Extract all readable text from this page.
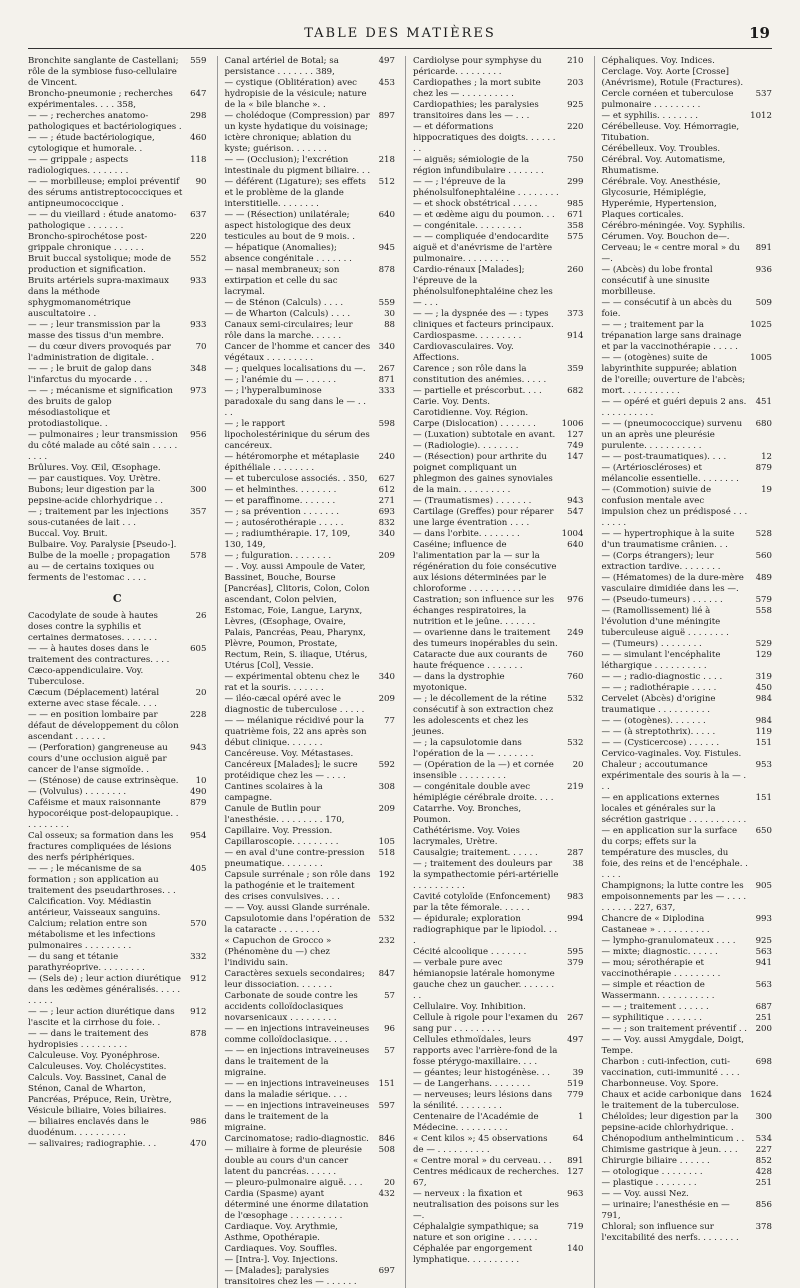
TABLE DES MATIÈRES	19
Bronchite sanglante de Castellani; rôle de la symbiose fuso-cellulaire de Vincent.
559
Broncho-pneumonie ; recherches expérimentales. . . . 358,
647
— — ; recherches anatomo-pathologiques et bactériologiques .
298
— — ; étude bactériologique, cytologique et humorale. .
460
— — grippale ; aspects radiologiques. . . . . . . .
118
— — morbilleuse; emploi préventif des sérums antistreptococciques et antipneumococcique .
90
— — du vieillard : étude anatomo-pathologique . . . . . . .
637
Broncho-spirochétose post-grippale chronique . . . . . .
220
Bruit buccal systolique; mode de production et signification.
552
Bruits artériels supra-maximaux dans la méthode sphygmomanométrique auscultatoire . .
933
— — ; leur transmission par la masse des tissus d'un membre.
933
— du cœur divers provoqués par l'administration de digitale. .
70
— — ; le bruit de galop dans l'infarctus du myocarde . . .
348
— — ; mécanisme et signification des bruits de galop mésodiastolique et protodiastolique. .
973
— pulmonaires ; leur transmission du côté malade au côté sain . . . . . . . . .
956
Brûlures. Voy. Œil, Œsophage.
— par caustiques. Voy. Urètre.
Bubons; leur digestion par la pepsine-acide chlorhydrique . .
300
— ; traitement par les injections sous-cutanées de lait . . .
357
Buccal. Voy. Bruit.
Bulbaire. Voy. Paralysie [Pseudo-].
Bulbe de la moelle ; propagation au — de certains toxiques ou ferments de l'estomac . . . .
578
C
Cacodylate de soude à hautes doses contre la syphilis et certaines dermatoses. . . . . . .
26
— — à hautes doses dans le traitement des contractures. . . .
605
Cæco-appendiculaire. Voy. Tuberculose.
Cæcum (Déplacement) latéral externe avec stase fécale. . . .
20
— — en position lombaire par défaut de développement du côlon ascendant . . . . . .
228
— (Perforation) gangreneuse au cours d'une occlusion aiguë par cancer de l'anse sigmoïde. .
943
— (Sténose) de cause extrinsèque.	10
— (Volvulus) . . . . . . . .	490
Caféisme et maux raisonnante hypocoréique post-delopaupique. . . . . . . . . .
879
Cal osseux; sa formation dans les fractures compliquées de lésions des nerfs périphériques.
954
— — ; le mécanisme de sa formation ; son application au traitement des pseudarthroses. . .
405
Calcification. Voy. Médiastin antérieur, Vaisseaux sanguins.
Calcium; relation entre son métabolisme et les infections pulmonaires . . . . . . . . .
570
— du sang et tétanie parathyréoprive. . . . . . . . .
332
— (Sels de) ; leur action diurétique dans les œdèmes généralisés. . . . . . . . . .
912
— — ; leur action diurétique dans l'ascite et la cirrhose du foie. .
912
— — dans le traitement des hydropisies . . . . . . . . .
878
Calculeuse. Voy. Pyonéphrose.
Calculeuses. Voy. Cholécystites.
Calculs. Voy. Bassinet, Canal de Sténon, Canal de Wharton, Pancréas, Prépuce, Rein, Urètre, Vésicule biliaire, Voies biliaires.
— biliaires enclavés dans le duodénum. . . . . . . . . .
986
— salivaires; radiographie. . .	470
Canal artériel de Botal; sa persistance . . . . . . . 389,
497
— cystique (Oblitération) avec hydropisie de la vésicule; nature de la « bile blanche ». .
453
— cholédoque (Compression) par un kyste hydatique du voisinage; ictère chronique; ablation du kyste; guérison. . . . . . .
897
— — (Occlusion); l'excrétion intestinale du pigment biliaire. . .
218
— déférent (Ligature); ses effets et le problème de la glande interstitielle. . . . . . . .
512
— — (Résection) unilatérale; aspect histologique des deux testicules au bout de 9 mois. .
640
— hépatique (Anomalies); absence congénitale . . . . . . .
945
— nasal membraneux; son extirpation et celle du sac lacrymal.
878
— de Sténon (Calculs) . . . .	559
— de Wharton (Calculs) . . . .	30
Canaux semi-circulaires; leur rôle dans la marche. . . . . .
88
Cancer de l'homme et cancer des végétaux . . . . . . . . .
340
— ; quelques localisations du —.	267
— ; l'anémie du — . . . . . .	871
— ; l'hyperalbuminose paradoxale du sang dans le — . . . .
333
— ; le rapport lipocholestérinique du sérum des cancéreux.
598
— hétéromorphe et métaplasie épithéliale . . . . . . . .
240
— et tuberculose associés. . 350,	627
— et helminthes. . . . . . . .	612
— et paraffinome. . . . . . .	271
— ; sa prévention . . . . . . .	693
— ; autosérothérapie . . . . .	832
— ; radiumthérapie. 17, 109, 130, 149,
340
— ; fulguration. . . . . . . .	209
— . Voy. aussi Ampoule de Vater, Bassinet, Bouche, Bourse [Pancréas], Clitoris, Colon, Colon ascendant, Colon pelvien, Estomac, Foie, Langue, Larynx, Lèvres, (Œsophage, Ovaire, Palais, Pancréas, Peau, Pharynx, Plèvre, Poumon, Prostate, Rectum, Rein, S. iliaque, Utérus, Utérus [Col], Vessie.
— expérimental obtenu chez le rat et la souris. . . . . . .
340
— iléo-cæcal opéré avec le diagnostic de tuberculose . . . . .
209
— — mélanique récidivé pour la quatrième fois, 22 ans après son début clinique. . . . . . .
77
Cancéreuse. Voy. Métastases.
Cancéreux [Malades]; le sucre protéidique chez les — . . . .
592
Cantines scolaires à la campagne.
308
Canule de Butlin pour l'anesthésie. . . . . . . . . 170,
209
Capillaire. Voy. Pression.
Capillaroscopie. . . . . . . . .	105
— en aval d'une contre-pression pneumatique. . . . . . . .
518
Capsule surrénale ; son rôle dans la pathogénie et le traitement des crises convulsives. . . .
192
— — Voy. aussi Glande surrénale.
Capsulotomie dans l'opération de la cataracte . . . . . . . .
532
« Capuchon de Grocco » (Phénomène du —) chez l'individu sain.
232
Caractères sexuels secondaires; leur dissociation. . . . . . .
847
Carbonate de soude contre les accidents colloïdoclasiques novarsenicaux . . . . . . . . .
57
— — en injections intraveineuses comme colloïdoclasique. . . .
96
— — en injections intraveineuses dans le traitement de la migraine.
57
— — en injections intraveineuses dans la maladie sérique. . . .
151
— — en injections intraveineuses dans le traitement de la migraine.
597
Carcinomatose; radio-diagnostic.	846
— miliaire à forme de pleurésie double au cours d'un cancer latent du pancréas. . . . . .
508
— pleuro-pulmonaire aiguë. . . .	20
Cardia (Spasme) ayant déterminé une énorme dilatation de l'œsophage . . . . . . . . . .
432
Cardiaque. Voy. Arythmie, Asthme, Opothérapie.
Cardiaques. Voy. Souffles.
— [Intra-]. Voy. Injections.
— [Malades]; paralysies transitoires chez les — . . . . . .
697
Cardiolyse pour symphyse du péricarde. . . . . . . . .
210
Cardiopathes ; la mort subite chez les — . . . . . . . . . .
203
Cardiopathies; les paralysies transitoires dans les — . . .
925
— et déformations hippocratiques des doigts. . . . . . . .
220
— aiguës; sémiologie de la région infundibulaire . . . . . . .
750
— — ; l'épreuve de la phénolsulfonephtaléine . . . . . . . .
299
— et shock obstétrical . . . . .	985
— et œdème aigu du poumon. . .	671
— congénitale. . . . . . . . .	358
— — compliquée d'endocardite aiguë et d'anévrisme de l'artère pulmonaire. . . . . . . . .
575
Cardio-rénaux [Malades]; l'épreuve de la phénolsulfonephtaléine chez les — . . .
260
— — ; la dyspnée des — : types cliniques et facteurs principaux.
373
Cardiospasme. . . . . . . . .	914
Cardiovasculaires. Voy. Affections.
Carence ; son rôle dans la constitution des anémies. . . . .
359
— partielle et préscorbut. . . .	682
Carie. Voy. Dents.
Carotidienne. Voy. Région.
Carpe (Dislocation) . . . . . . .	1006
— (Luxation) subtotale en avant.	127
— (Radiologie). . . . . . . .	749
— (Résection) pour arthrite du poignet compliquant un phlegmon des gaines synoviales de la main. . . . . . . . . .
147
— (Traumatismes) . . . . . . .	943
Cartilage (Greffes) pour réparer une large éventration . . . .
547
— dans l'orbite. . . . . . . .	1004
Caséine; influence de l'alimentation par la — sur la régénération du foie consécutive aux lésions déterminées par le chloroforme . . . . . . . . . .
640
Castration; son influence sur les échanges respiratoires, la nutrition et le jeûne. . . . . . .
976
— ovarienne dans le traitement des tumeurs inopérables du sein.
249
Cataracte due aux courants de haute fréquence . . . . . . .
760
— dans la dystrophie myotonique.
760
— ; le décollement de la rétine consécutif à son extraction chez les adolescents et chez les jeunes.
532
— ; la capsulotomie dans l'opération de la — . . . . . . .
532
— (Opération de la —) et cornée insensible . . . . . . . . .
20
— congénitale double avec hémiplégie cérébrale droite. . . .
219
Catarrhe. Voy. Bronches, Poumon.
Cathétérisme. Voy. Voies lacrymales, Urètre.
Causalgie; traitement. . . . . .	287
— ; traitement des douleurs par la sympathectomie péri-artérielle . . . . . . . . . .
38
Cavité cotyloïde (Enfoncement) par la tête fémorale. . . . . .
983
— épidurale; exploration radiographique par le lipiodol. . . .
994
Cécité alcoolique . . . . . . .	595
— verbale pure avec hémianopsie latérale homonyme gauche chez un gaucher. . . . . . . . .
379
Cellulaire. Voy. Inhibition.
Cellule à rigole pour l'examen du sang pur . . . . . . . . .
267
Cellules ethmoïdales, leurs rapports avec l'arrière-fond de la fosse ptérygo-maxillaire. . . .
497
— géantes; leur histogénèse. . .	39
— de Langerhans. . . . . . . .	519
— nerveuses; leurs lésions dans la sénilité. . . . . . . . .
779
Centenaire de l'Académie de Médecine. . . . . . . . . .
1
« Cent kilos »; 45 observations de — . . . . . . . . . .
64
« Centre moral » du cerveau. . .	891
Centres médicaux de recherches. 67,
127
— nerveux : la fixation et neutralisation des poisons sur les —.
963
Céphalalgie sympathique; sa nature et son origine . . . . . .
719
Céphalée par engorgement lymphatique. . . . . . . . . .
140
Céphaliques. Voy. Indices.
Cerclage. Voy. Aorte [Crosse] (Anévrisme), Rotule (Fractures).
Cercle cornéen et tuberculose pulmonaire . . . . . . . . .
537
— et syphilis. . . . . . . .	1012
Cérébelleuse. Voy. Hémorragie, Titubation.
Cérébelleux. Voy. Troubles.
Cérébral. Voy. Automatisme, Rhumatisme.
Cérébrale. Voy. Anesthésie, Glycosurie, Hémiplégie, Hyperémie, Hypertension, Plaques corticales.
Cérébro-méningée. Voy. Syphilis.
Cérumen. Voy. Bouchon de—.
Cerveau; le « centre moral » du —.
891
— (Abcès) du lobe frontal consécutif à une sinusite morbilleuse.
936
— — consécutif à un abcès du foie.
509
— — ; traitement par la trépanation large sans drainage et par la vaccinothérapie . . . . .
1025
— — (otogènes) suite de labyrinthite suppurée; ablation de l'oreille; ouverture de l'abcès; mort. . . . . . . . . . .
1005
— — opéré et guéri depuis 2 ans. . . . . . . . . . .
451
— — (pneumococcique) survenu un an après une pleurésie purulente. . . . . . . . . . .
680
— — post-traumatiques). . . .	12
— (Artérioscléroses) et mélancolie essentielle. . . . . . . .
879
— (Commotion) suivie de confusion mentale avec impulsion chez un prédisposé . . . . . . . .
19
— — hypertrophique à la suite d'un traumatisme crânien. . .
528
— (Corps étrangers); leur extraction tardive. . . . . . . .
560
— (Hématomes) de la dure-mère vasculaire dimidiée dans les —.
489
— (Pseudo-tumeurs) . . . . . .	579
— (Ramollissement) lié à l'évolution d'une méningite tuberculeuse aiguë . . . . . . . .
558
— (Tumeurs) . . . . . . . .	529
— — simulant l'encéphalite léthargique . . . . . . . . . .
129
— — ; radio-diagnostic . . . .	319
— — ; radiothérapie . . . . .	450
Cervelet (Abcès) d'origine traumatique . . . . . . . . . .
984
— — (otogènes). . . . . . .	984
— — (à streptothrix). . . . .	119
— — (Cysticercose) . . . . . .	151
Cervico-vaginales. Voy. Fistules.
Chaleur ; accoutumance expérimentale des souris à la — . . .
953
— en applications externes locales et générales sur la sécrétion gastrique . . . . . . . . . . .
151
— en application sur la surface du corps; effets sur la température des muscles, du foie, des reins et de l'encéphale. . . . . .
650
Champignons; la lutte contre les empoisonnements par les — . . . . . . . . . . 227, 637,
905
Chancre de « Diplodina Castaneae » . . . . . . . . . .
993
— lympho-granulomateux . . . .	925
— mixte; diagnostic. . . . . .	563
— mou; sérothérapie et vaccinothérapie . . . . . . . . .
941
— simple et réaction de Wassermann. . . . . . . . . . .
563
— — ; traitement . . . . . .	687
— syphilitique . . . . . . .	251
— — ; son traitement préventif . . 200
— — Voy. aussi Amygdale, Doigt, Tempe.
Charbon : cuti-infection, cuti-vaccination, cuti-immunité . . . .
698
Charbonneuse. Voy. Spore.
Chaux et acide carbonique dans le traitement de la tuberculose.
1624
Chéloïdes; leur digestion par la pepsine-acide chlorhydrique. .
300
Chénopodium anthelminticum . .	534
Chimisme gastrique à jeun. . . .	227
Chirurgie biliaire . . . . . .	852
— otologique . . . . . . . .	428
— plastique . . . . . . . .	251
— — Voy. aussi Nez.
— urinaire; l'anesthésie en — 791,
856
Chloral; son influence sur l'excitabilité des nerfs. . . . . . . .
378
